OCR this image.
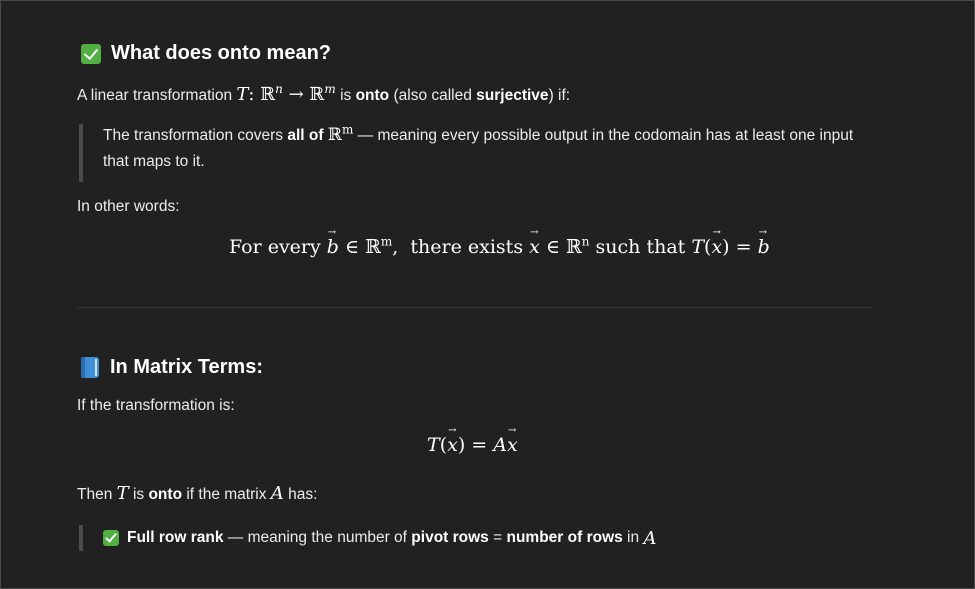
What does onto mean?
A linear transformation T: ℝ$^n$ → ℝ$^m$ is onto (also called surjective) if:
The transformation covers all of ℝ$^m$ — meaning every possible output in the codomain has at least one input that maps to it.
In other words:
For every → b ∈ ℝ$^m$,  there exists → x ∈ ℝ$^n$ such that T(→ x) = → b
In Matrix Terms:
If the transformation is:
T(→ x) = A→ x
Then T is onto if the matrix A has:
Full row rank — meaning the number of pivot rows = number of rows in A
